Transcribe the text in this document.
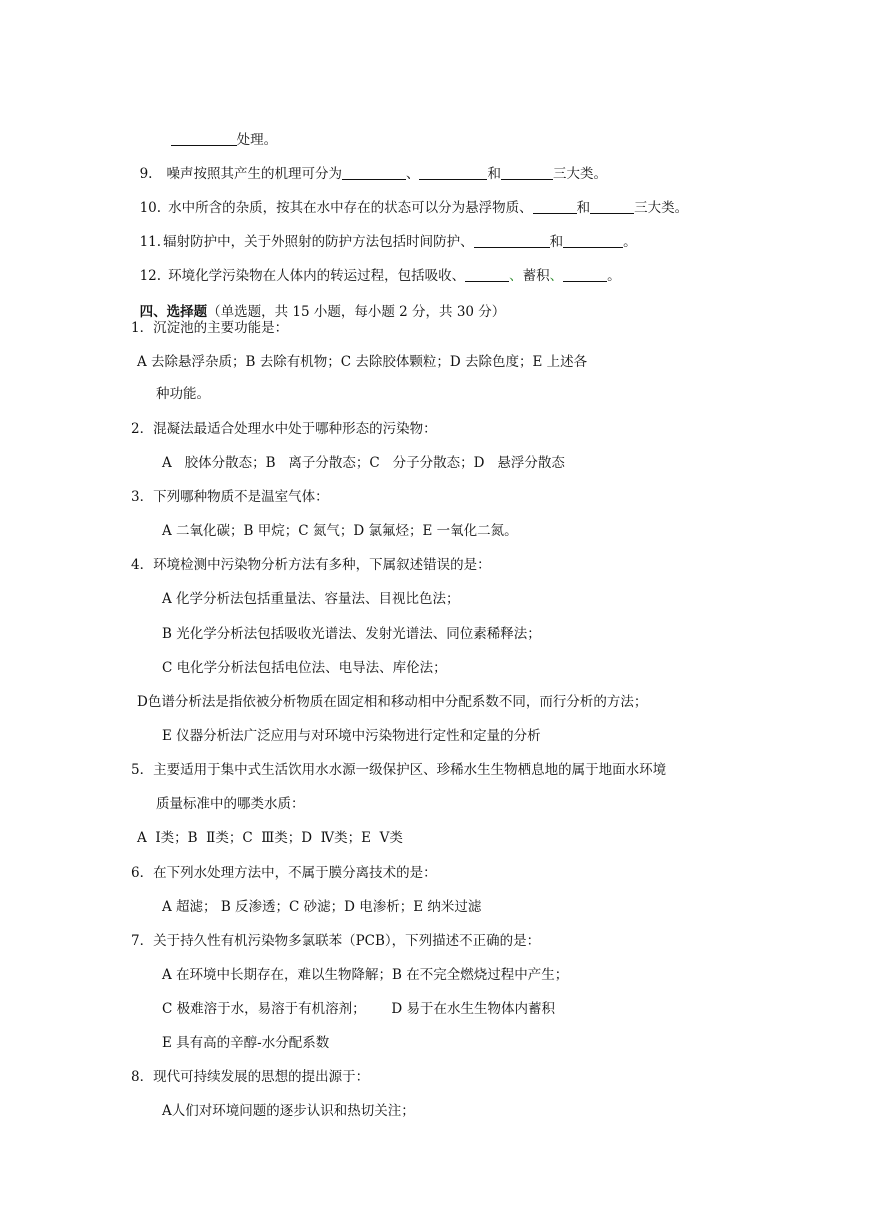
处理。

9. 噪声按照其产生的机理可分为	、	和	三大类。

10. 水中所含的杂质，按其在水中存在的状态可以分为悬浮物质、	和	三大类。

11. 辐射防护中，关于外照射的防护方法包括时间防护、	和	。

12. 环境化学污染物在人体内的转运过程，包括吸收、	、蓄积、	。

四、选择题（单选题，共 15 小题，每小题 2 分，共 30 分）

1．沉淀池的主要功能是：
A 去除悬浮杂质；B 去除有机物；C 去除胶体颗粒；D 去除色度；E 上述各
种功能。
2．混凝法最适合处理水中处于哪种形态的污染物：
A   胶体分散态；B   离子分散态；C   分子分散态；D   悬浮分散态
3．下列哪种物质不是温室气体：
A 二氧化碳；B 甲烷；C 氮气；D 氯氟烃；E 一氧化二氮。
4．环境检测中污染物分析方法有多种，下属叙述错误的是：
A 化学分析法包括重量法、容量法、目视比色法；
B 光化学分析法包括吸收光谱法、发射光谱法、同位素稀释法；
C 电化学分析法包括电位法、电导法、库伦法；
D色谱分析法是指依被分析物质在固定相和移动相中分配系数不同，而行分析的方法；
E 仪器分析法广泛应用与对环境中污染物进行定性和定量的分析
5．主要适用于集中式生活饮用水水源一级保护区、珍稀水生生物栖息地的属于地面水环境
质量标准中的哪类水质：
A  Ⅰ类；B  Ⅱ类；C  Ⅲ类；D  Ⅳ类；E  Ⅴ类
6．在下列水处理方法中，不属于膜分离技术的是：
A 超滤； B 反渗透；C 砂滤；D 电渗析；E 纳米过滤
7．关于持久性有机污染物多氯联苯（PCB），下列描述不正确的是：
A 在环境中长期存在，难以生物降解；B 在不完全燃烧过程中产生；
C 极难溶于水，易溶于有机溶剂；      D 易于在水生生物体内蓄积
E 具有高的辛醇-水分配系数
8．现代可持续发展的思想的提出源于：
A人们对环境问题的逐步认识和热切关注；
